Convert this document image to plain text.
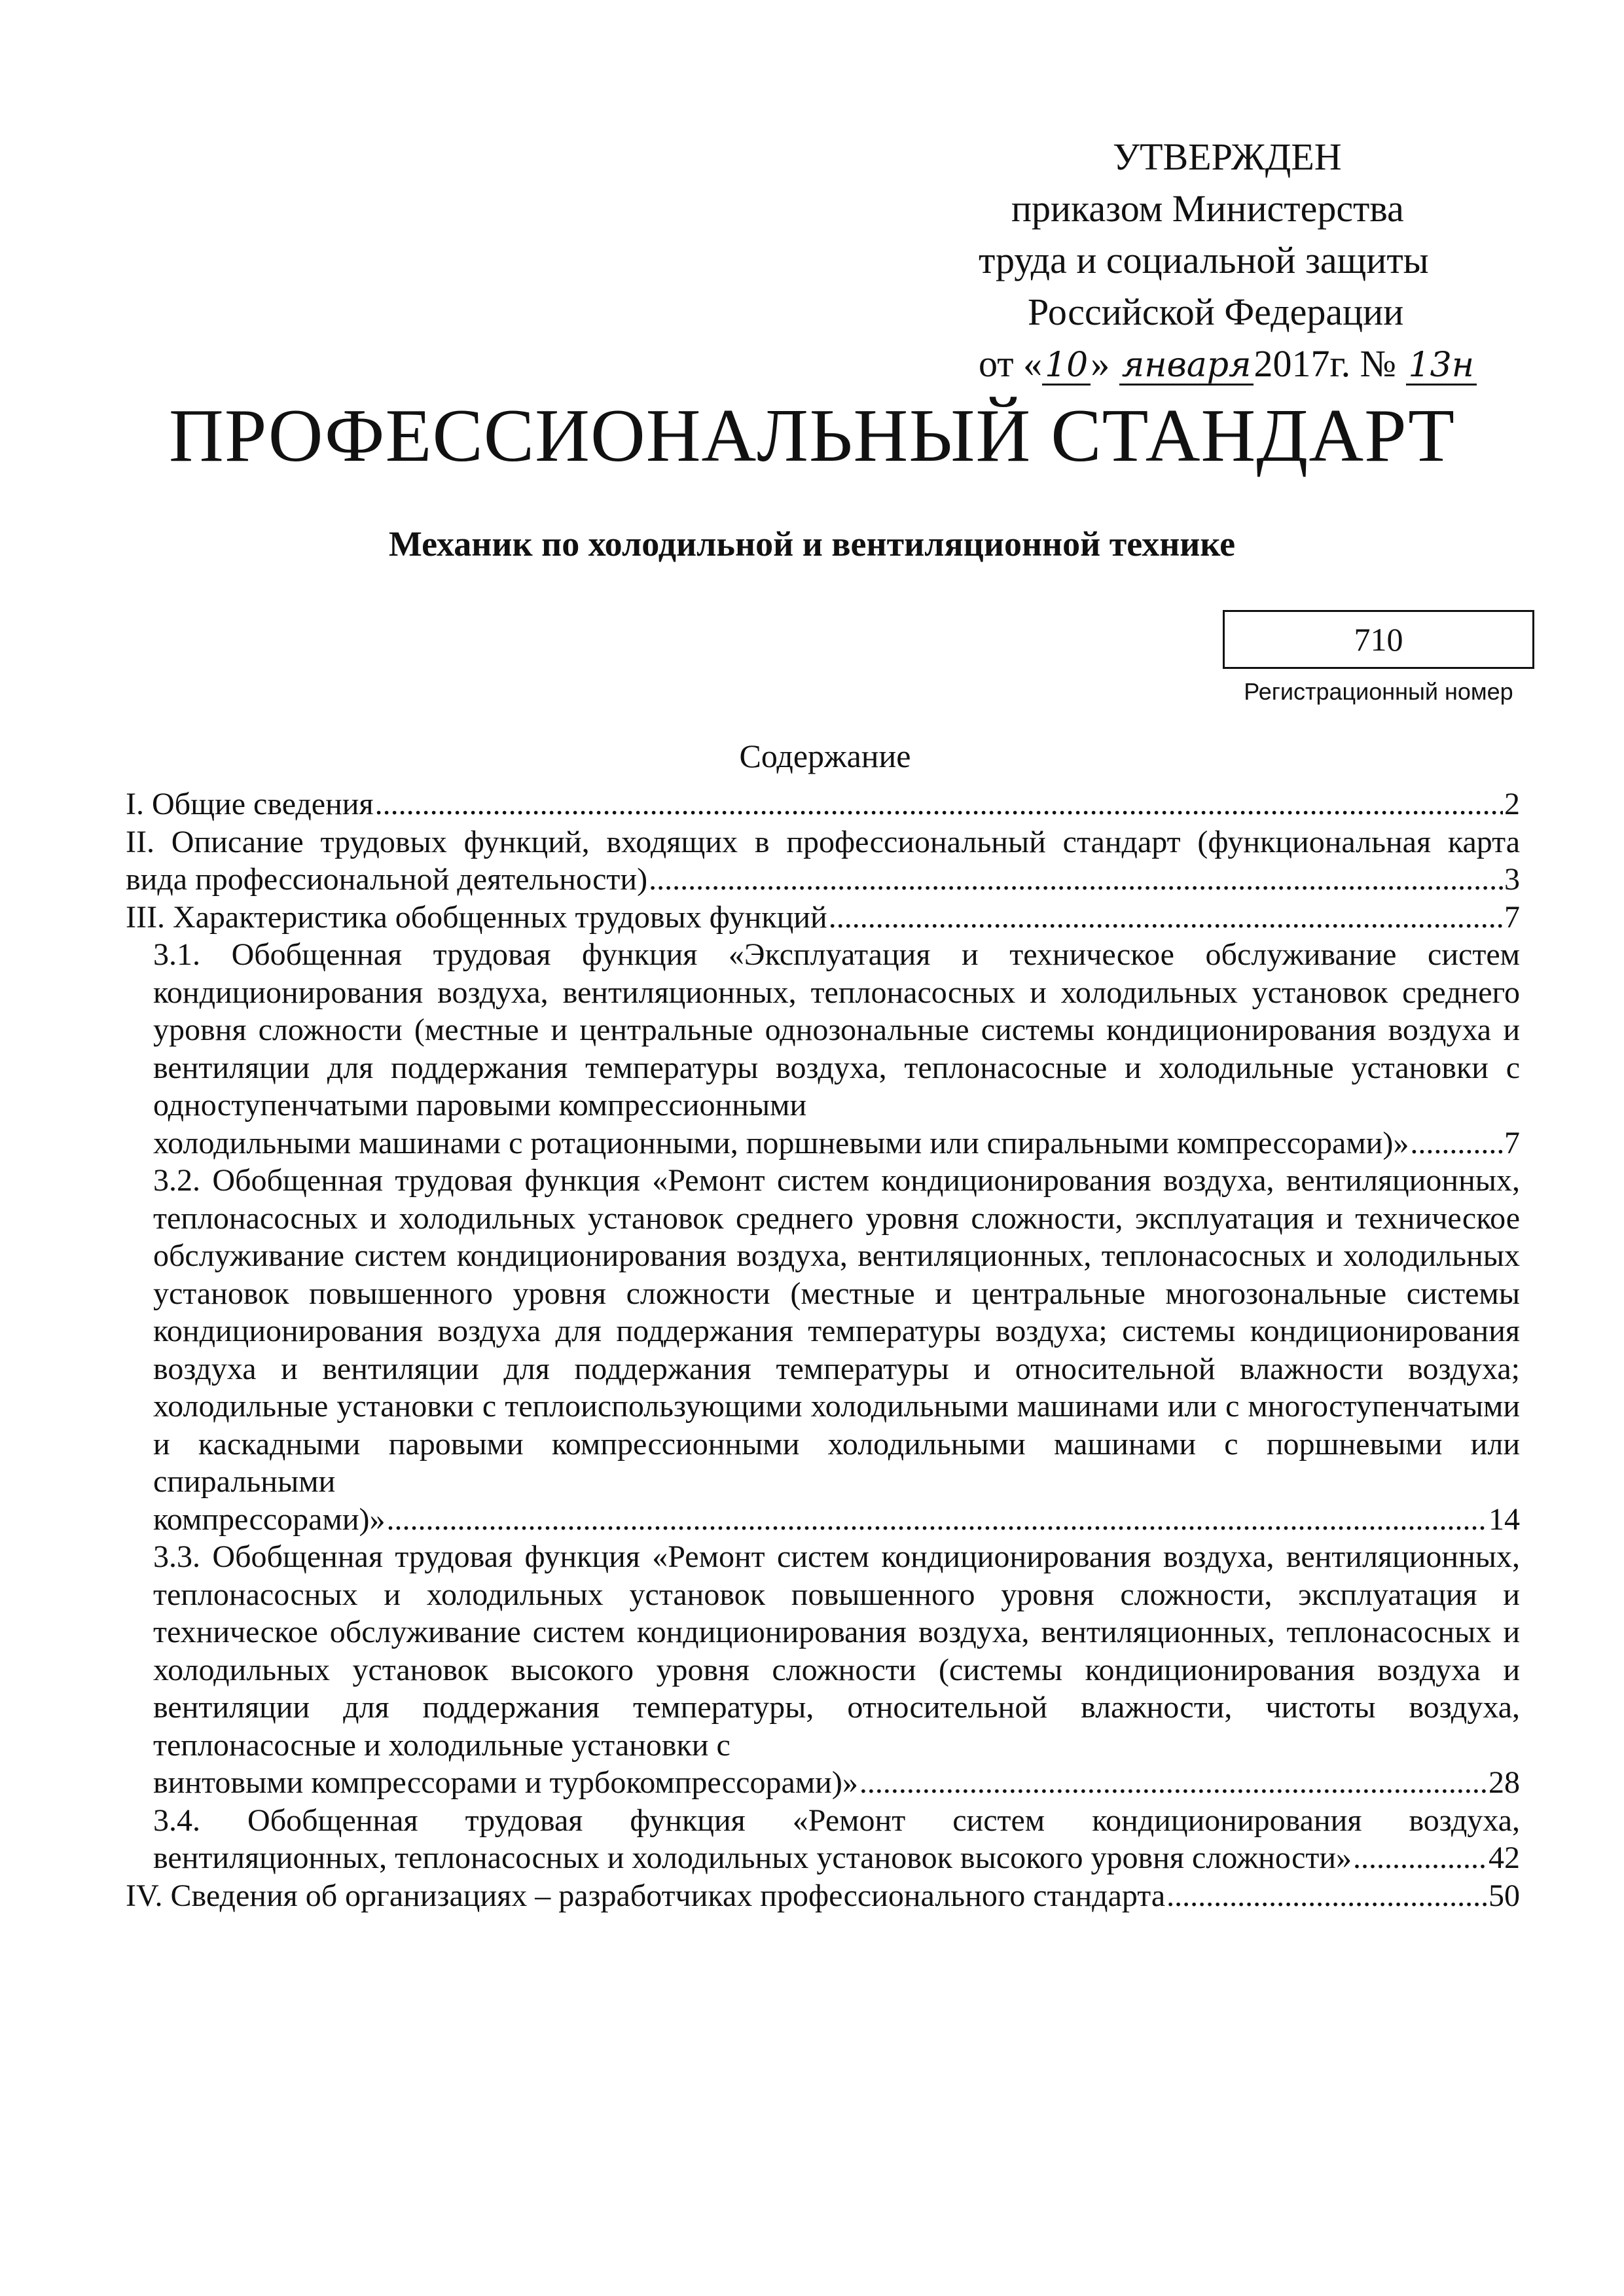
УТВЕРЖДЕН
приказом Министерства
труда и социальной защиты
Российской Федерации
от «10» января2017г. № 13н
ПРОФЕССИОНАЛЬНЫЙ СТАНДАРТ
Механик по холодильной и вентиляционной технике
710
Регистрационный номер
Содержание
I. Общие сведения .....	2
II. Описание трудовых функций, входящих в профессиональный стандарт (функциональная карта
вида профессиональной деятельности) .....	3
III. Характеристика обобщенных трудовых функций .....	7
3.1. Обобщенная трудовая функция «Эксплуатация и техническое обслуживание систем кондиционирования воздуха, вентиляционных, теплонасосных и холодильных установок среднего уровня сложности (местные и центральные однозональные системы кондиционирования воздуха и вентиляции для поддержания температуры воздуха, теплонасосные и холодильные установки с одноступенчатыми паровыми компрессионными
холодильными машинами с ротационными, поршневыми или спиральными компрессорами)» .....	7
3.2. Обобщенная трудовая функция «Ремонт систем кондиционирования воздуха, вентиляционных, теплонасосных и холодильных установок среднего уровня сложности, эксплуатация и техническое обслуживание систем кондиционирования воздуха, вентиляционных, теплонасосных и холодильных установок повышенного уровня сложности (местные и центральные многозональные системы кондиционирования воздуха для поддержания температуры воздуха; системы кондиционирования воздуха и вентиляции для поддержания температуры и относительной влажности воздуха; холодильные установки с теплоиспользующими холодильными машинами или с многоступенчатыми и каскадными паровыми компрессионными холодильными машинами с поршневыми или спиральными
компрессорами)» .....	14
3.3. Обобщенная трудовая функция «Ремонт систем кондиционирования воздуха, вентиляционных, теплонасосных и холодильных установок повышенного уровня сложности, эксплуатация и техническое обслуживание систем кондиционирования воздуха, вентиляционных, теплонасосных и холодильных установок высокого уровня сложности (системы кондиционирования воздуха и вентиляции для поддержания температуры, относительной влажности, чистоты воздуха, теплонасосные и холодильные установки с
винтовыми компрессорами и турбокомпрессорами)» .....	28
3.4. Обобщенная трудовая функция «Ремонт систем кондиционирования воздуха,
вентиляционных, теплонасосных и холодильных установок высокого уровня сложности» .....	42
IV. Сведения об организациях – разработчиках профессионального стандарта .....	50
